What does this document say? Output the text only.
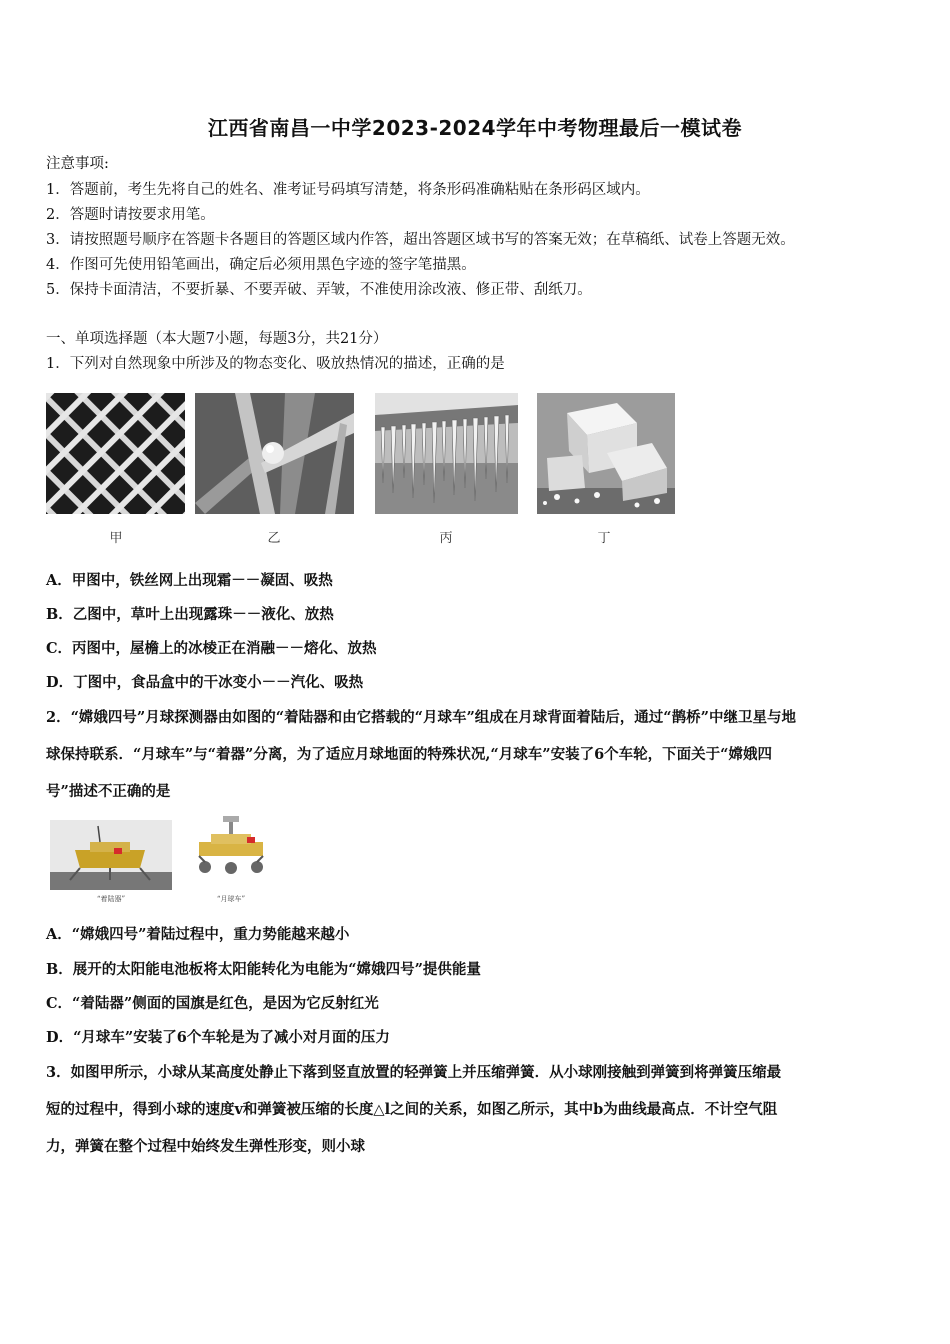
江西省南昌一中学2023-2024学年中考物理最后一模试卷
注意事项:
1．答题前，考生先将自己的姓名、准考证号码填写清楚，将条形码准确粘贴在条形码区域内。
2．答题时请按要求用笔。
3．请按照题号顺序在答题卡各题目的答题区域内作答，超出答题区域书写的答案无效；在草稿纸、试卷上答题无效。
4．作图可先使用铅笔画出，确定后必须用黑色字迹的签字笔描黑。
5．保持卡面清洁，不要折暴、不要弄破、弄皱，不准使用涂改液、修正带、刮纸刀。
一、单项选择题（本大题7小题，每题3分，共21分）
1．下列对自然现象中所涉及的物态变化、吸放热情况的描述，正确的是
甲	乙	丙	丁
A．甲图中，铁丝网上出现霜－－凝固、吸热
B．乙图中，草叶上出现露珠－－液化、放热
C．丙图中，屋檐上的冰棱正在消融－－熔化、放热
D．丁图中，食品盒中的干冰变小－－汽化、吸热
2．“嫦娥四号”月球探测器由如图的“着陆器和由它搭载的“月球车”组成在月球背面着陆后，通过“鹊桥”中继卫星与地
球保持联系．“月球车”与“着器”分离，为了适应月球地面的特殊状况,“月球车”安装了6个车轮，下面关于“嫦娥四
号”描述不正确的是
“着陆器”	“月球车”
A．“嫦娥四号”着陆过程中，重力势能越来越小
B．展开的太阳能电池板将太阳能转化为电能为“嫦娥四号”提供能量
C．“着陆器”侧面的国旗是红色，是因为它反射红光
D．“月球车”安装了6个车轮是为了减小对月面的压力
3．如图甲所示，小球从某高度处静止下落到竖直放置的轻弹簧上并压缩弹簧．从小球刚接触到弹簧到将弹簧压缩最
短的过程中，得到小球的速度v和弹簧被压缩的长度△l之间的关系，如图乙所示，其中b为曲线最高点．不计空气阻
力，弹簧在整个过程中始终发生弹性形变，则小球
